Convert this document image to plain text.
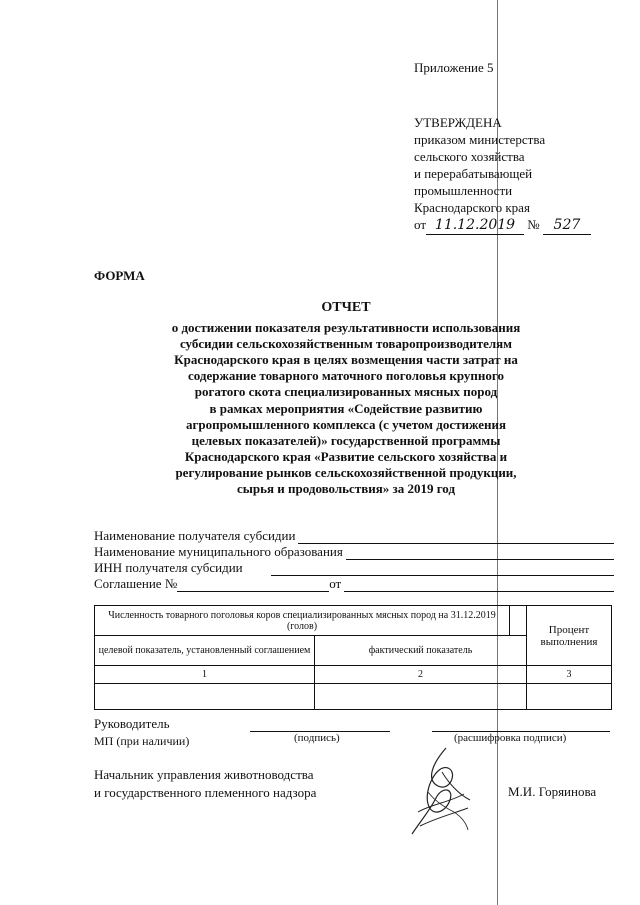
Приложение 5
УТВЕРЖДЕНА
приказом министерства
сельского хозяйства
и перерабатывающей
промышленности
Краснодарского края
от 11.12.2019 № 527
ФОРМА
ОТЧЕТ
о достижении показателя результативности использования
субсидии сельскохозяйственным товаропроизводителям
Краснодарского края в целях возмещения части затрат на
содержание товарного маточного поголовья крупного
рогатого скота специализированных мясных пород
в рамках мероприятия «Содействие развитию
агропромышленного комплекса (с учетом достижения
целевых показателей)» государственной программы
Краснодарского края «Развитие сельского хозяйства и
регулирование рынков сельскохозяйственной продукции,
сырья и продовольствия» за 2019 год
Наименование получателя субсидии
Наименование муниципального образования
ИНН получателя субсидии
Соглашение №	от
Численность товарного поголовья коров специализированных мясных пород на 31.12.2019 (голов)			Процент выполнения
целевой показатель, установленный соглашением	фактический показатель		
1	2		3

Руководитель
МП (при наличии)	(подпись)	(расшифровка подписи)
Начальник управления животноводства
и государственного племенного надзора	М.И. Горяинова
